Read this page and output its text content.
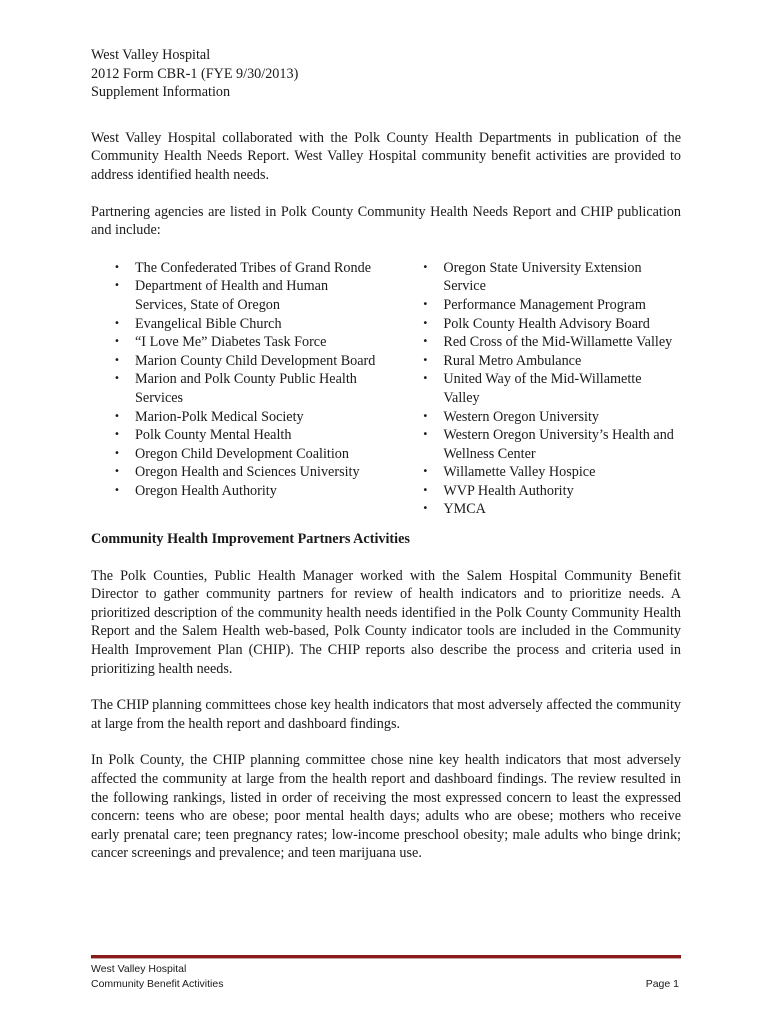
West Valley Hospital
2012 Form CBR-1 (FYE 9/30/2013)
Supplement Information

West Valley Hospital collaborated with the Polk County Health Departments in publication of the Community Health Needs Report. West Valley Hospital community benefit activities are provided to address identified health needs.

Partnering agencies are listed in Polk County Community Health Needs Report and CHIP publication and include:

• The Confederated Tribes of Grand Ronde
• Department of Health and Human Services, State of Oregon
• Evangelical Bible Church
• “I Love Me” Diabetes Task Force
• Marion County Child Development Board
• Marion and Polk County Public Health Services
• Marion-Polk Medical Society
• Polk County Mental Health
• Oregon Child Development Coalition
• Oregon Health and Sciences University
• Oregon Health Authority
• Oregon State University Extension Service
• Performance Management Program
• Polk County Health Advisory Board
• Red Cross of the Mid-Willamette Valley
• Rural Metro Ambulance
• United Way of the Mid-Willamette Valley
• Western Oregon University
• Western Oregon University’s Health and Wellness Center
• Willamette Valley Hospice
• WVP Health Authority
• YMCA

Community Health Improvement Partners Activities

The Polk Counties, Public Health Manager worked with the Salem Hospital Community Benefit Director to gather community partners for review of health indicators and to prioritize needs. A prioritized description of the community health needs identified in the Polk County Community Health Report and the Salem Health web-based, Polk County indicator tools are included in the Community Health Improvement Plan (CHIP). The CHIP reports also describe the process and criteria used in prioritizing health needs.

The CHIP planning committees chose key health indicators that most adversely affected the community at large from the health report and dashboard findings.

In Polk County, the CHIP planning committee chose nine key health indicators that most adversely affected the community at large from the health report and dashboard findings. The review resulted in the following rankings, listed in order of receiving the most expressed concern to least the expressed concern: teens who are obese; poor mental health days; adults who are obese; mothers who receive early prenatal care; teen pregnancy rates; low-income preschool obesity; male adults who binge drink; cancer screenings and prevalence; and teen marijuana use.

West Valley Hospital
Community Benefit Activities	Page 1
